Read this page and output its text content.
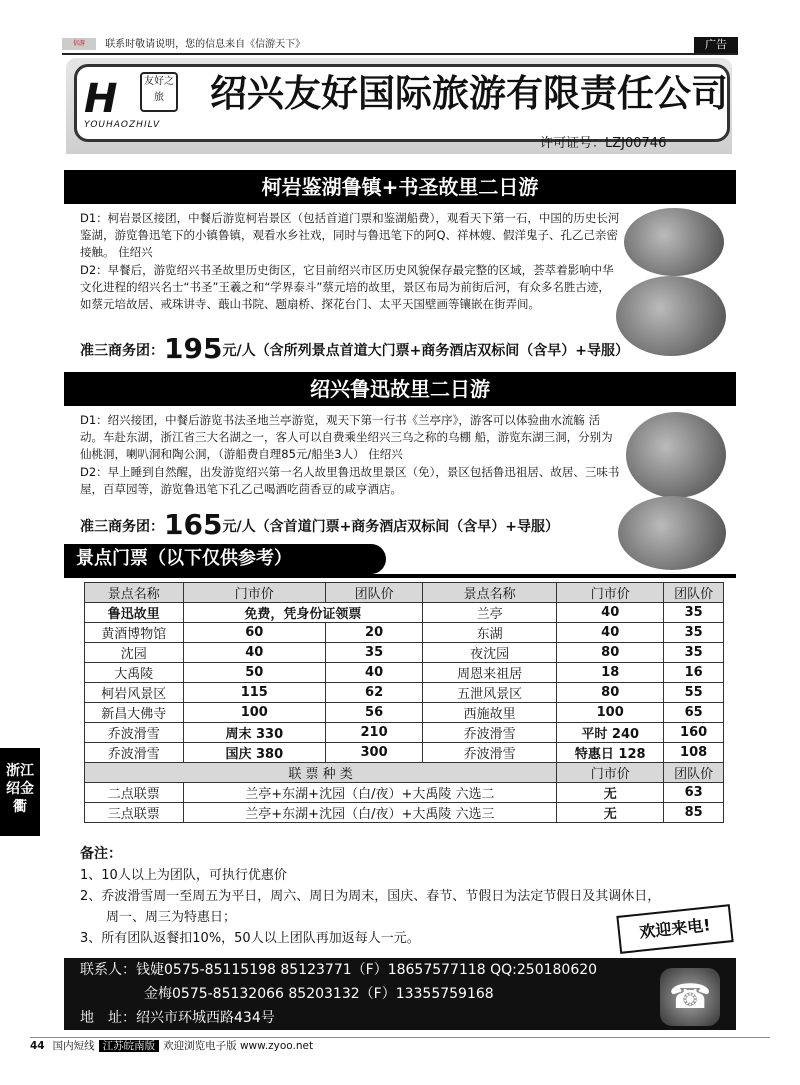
信游 联系时敬请说明，您的信息来自《信游天下》	广告
H	友好之旅
YOUHAOZHILV
绍兴友好国际旅游有限责任公司
许可证号：LZJ00746
柯岩鉴湖鲁镇+书圣故里二日游
D1：柯岩景区接团，中餐后游览柯岩景区（包括首道门票和鉴湖船费），观看天下第一石，中国的历史长河鉴湖，游览鲁迅笔下的小镇鲁镇，观看水乡社戏，同时与鲁迅笔下的阿Q、祥林嫂、假洋鬼子、孔乙己亲密接触。 住绍兴
D2：早餐后，游览绍兴书圣故里历史街区，它目前绍兴市区历史风貌保存最完整的区域，荟萃着影响中华文化进程的绍兴名士“书圣”王羲之和“学界泰斗”蔡元培的故里，景区布局为前街后河，有众多名胜古迹，如蔡元培故居、戒珠讲寺、蕺山书院、题扇桥、探花台门、太平天国壁画等镶嵌在街弄间。
准三商务团：195元/人（含所列景点首道大门票+商务酒店双标间（含早）+导服）
绍兴鲁迅故里二日游
D1：绍兴接团，中餐后游览书法圣地兰亭游览，观天下第一行书《兰亭序》，游客可以体验曲水流觞 活动。车赴东湖，浙江省三大名湖之一，客人可以自费乘坐绍兴三乌之称的乌棚 船，游览东湖三洞，分别为仙桃洞，喇叭洞和陶公洞，（游船费自理85元/船坐3人） 住绍兴
D2：早上睡到自然醒，出发游览绍兴第一名人故里鲁迅故里景区（免），景区包括鲁迅祖居、故居、三味书屋，百草园等，游览鲁迅笔下孔乙己喝酒吃茴香豆的咸亨酒店。
准三商务团：165元/人（含首道门票+商务酒店双标间（含早）+导服）
景点门票（以下仅供参考）
景点名称	门市价	团队价	景点名称	门市价	团队价
鲁迅故里	免费，凭身份证领票		兰亭	40	35
黄酒博物馆	60	20	东湖	40	35
沈园	40	35	夜沈园	80	35
大禹陵	50	40	周恩来祖居	18	16
柯岩风景区	115	62	五泄风景区	80	55
新昌大佛寺	100	56	西施故里	100	65
乔波滑雪	周末 330	210	乔波滑雪	平时 240	160
乔波滑雪	国庆 380	300	乔波滑雪	特惠日 128	108
联 票 种 类				门市价	团队价
二点联票	兰亭+东湖+沈园（白/夜）+大禹陵 六选二			无	63
三点联票	兰亭+东湖+沈园（白/夜）+大禹陵 六选三			无	85
备注：
1、10人以上为团队，可执行优惠价
2、乔波滑雪周一至周五为平日，周六、周日为周末，国庆、春节、节假日为法定节假日及其调休日，
周一、周三为特惠日；
3、所有团队返餐扣10%，50人以上团队再加返每人一元。	欢迎来电!
联系人：钱婕0575-85115198 85123771（F）18657577118 QQ:250180620
金梅0575-85132066 85203132（F）13355759168
地　址：绍兴市环城西路434号
☎
浙江绍金衢
44 国内短线 江苏皖南版 欢迎浏览电子版 www.zyoo.net
